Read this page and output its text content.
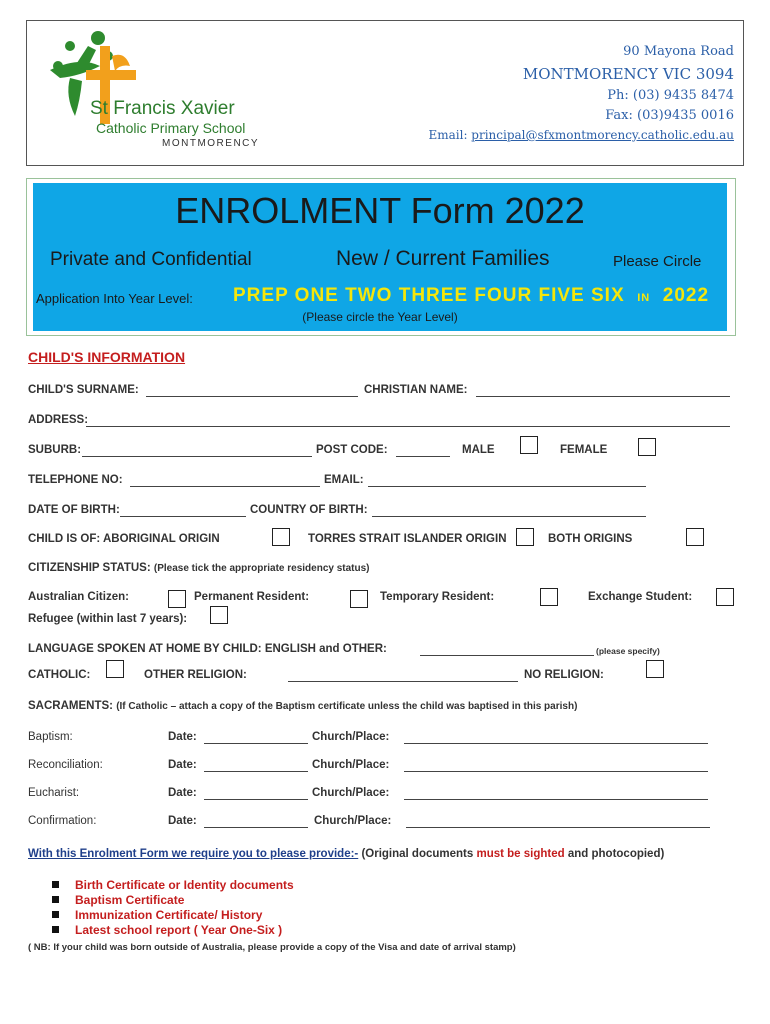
St Francis Xavier
Catholic Primary School
MONTMORENCY
90 Mayona Road
MONTMORENCY VIC 3094
Ph: (03) 9435 8474
Fax: (03)9435 0016
Email: principal@sfxmontmorency.catholic.edu.au
ENROLMENT Form 2022
Private and Confidential	New / Current Families	Please Circle
Application Into Year Level: PREP ONE TWO THREE FOUR FIVE SIX IN 2022
(Please circle the Year Level)
CHILD'S INFORMATION
CHILD'S SURNAME:	CHRISTIAN NAME:
ADDRESS:
SUBURB:	POST CODE:	MALE	FEMALE
TELEPHONE NO:	EMAIL:
DATE OF BIRTH:	COUNTRY OF BIRTH:
CHILD IS OF: ABORIGINAL ORIGIN	TORRES STRAIT ISLANDER ORIGIN	BOTH ORIGINS
CITIZENSHIP STATUS: (Please tick the appropriate residency status)
Australian Citizen:	Permanent Resident:	Temporary Resident:	Exchange Student:
Refugee (within last 7 years):
LANGUAGE SPOKEN AT HOME BY CHILD: ENGLISH and OTHER:	(please specify)
CATHOLIC:	OTHER RELIGION:	NO RELIGION:
SACRAMENTS: (If Catholic – attach a copy of the Baptism certificate unless the child was baptised in this parish)
Baptism:	Date:	Church/Place:
Reconciliation:	Date:	Church/Place:
Eucharist:	Date:	Church/Place:
Confirmation:	Date:	Church/Place:
With this Enrolment Form we require you to please provide:- (Original documents must be sighted and photocopied)
Birth Certificate or Identity documents
Baptism Certificate
Immunization Certificate/ History
Latest school report ( Year One-Six )
( NB: If your child was born outside of Australia, please provide a copy of the Visa and date of arrival stamp)
